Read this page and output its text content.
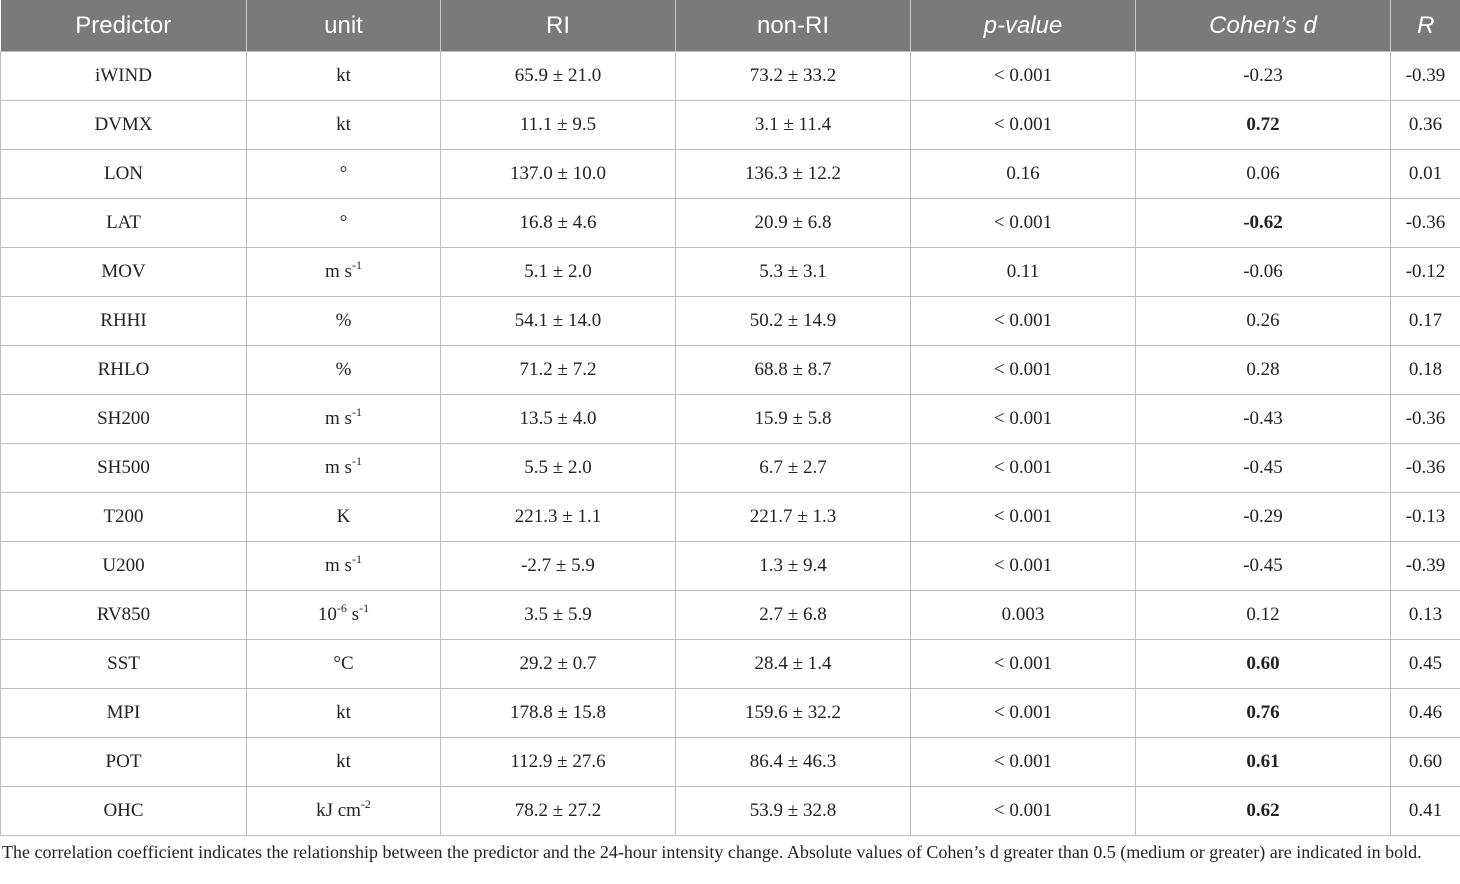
Predictor	unit	RI	non-RI	p-value	Cohen’s d	R
iWIND	kt	65.9 ± 21.0	73.2 ± 33.2	< 0.001	-0.23	-0.39
DVMX	kt	11.1 ± 9.5	3.1 ± 11.4	< 0.001	0.72	0.36
LON	°	137.0 ± 10.0	136.3 ± 12.2	0.16	0.06	0.01
LAT	°	16.8 ± 4.6	20.9 ± 6.8	< 0.001	-0.62	-0.36
MOV	m $s^{-1}$	5.1 ± 2.0	5.3 ± 3.1	0.11	-0.06	-0.12
RHHI	%	54.1 ± 14.0	50.2 ± 14.9	< 0.001	0.26	0.17
RHLO	%	71.2 ± 7.2	68.8 ± 8.7	< 0.001	0.28	0.18
SH200	m $s^{-1}$	13.5 ± 4.0	15.9 ± 5.8	< 0.001	-0.43	-0.36
SH500	m $s^{-1}$	5.5 ± 2.0	6.7 ± 2.7	< 0.001	-0.45	-0.36
T200	K	221.3 ± 1.1	221.7 ± 1.3	< 0.001	-0.29	-0.13
U200	m $s^{-1}$	-2.7 ± 5.9	1.3 ± 9.4	< 0.001	-0.45	-0.39
RV850	$10^{-6}$ $s^{-1}$	3.5 ± 5.9	2.7 ± 6.8	0.003	0.12	0.13
SST	°C	29.2 ± 0.7	28.4 ± 1.4	< 0.001	0.60	0.45
MPI	kt	178.8 ± 15.8	159.6 ± 32.2	< 0.001	0.76	0.46
POT	kt	112.9 ± 27.6	86.4 ± 46.3	< 0.001	0.61	0.60
OHC	kJ $cm^{-2}$	78.2 ± 27.2	53.9 ± 32.8	< 0.001	0.62	0.41
The correlation coefficient indicates the relationship between the predictor and the 24-hour intensity change. Absolute values of Cohen’s d greater than 0.5 (medium or greater) are indicated in bold.
